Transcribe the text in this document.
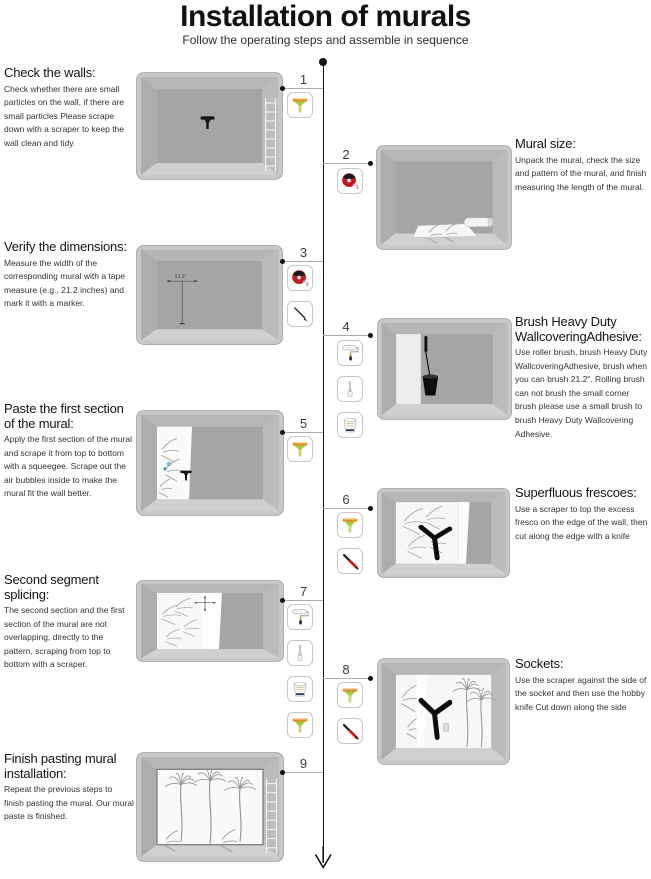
Installation of murals

Follow the operating steps and assemble in sequence

Check the walls:

Check whether there are small particles on the wall, if there are small particles Please scrape down with a scraper to keep the wall clean and tidy.

1
2
Mural size:

Unpack the mural, check the size and pattern of the mural, and finish measuring the length of the mural.

Verify the dimensions:

Measure the width of the corresponding mural with a tape measure (e.g., 21.2 inches) and mark it with a marker.

21.2"
3
4	Brush Heavy Duty WallcoveringAdhesive:

Use roller brush, brush Heavy Duty WallcoveringAdhesive, brush when you can brush 21.2". Rolling brush can not brush the small corner brush please use a small brush to brush Heavy Duty Wallcovering Adhesive.

Paste the first section of the mural:

Apply the first section of the mural and scrape it from top to bottom with a squeegee. Scrape out the air bubbles inside to make the mural fit the wall better.

5
6	Superfluous frescoes:

Use a scraper to top the excess fresco on the edge of the wall, then cut along the edge with a knife

Second segment splicing:

The second section and the first section of the mural are not overlapping, directly to the pattern, scraping from top to bottom with a scraper.

7
8	Sockets:

Use the scraper against the side of the socket and then use the hobby knife Cut down along the side

Finish pasting mural installation:

Repeat the previous steps to finish pasting the mural. Our mural paste is finished.

9
